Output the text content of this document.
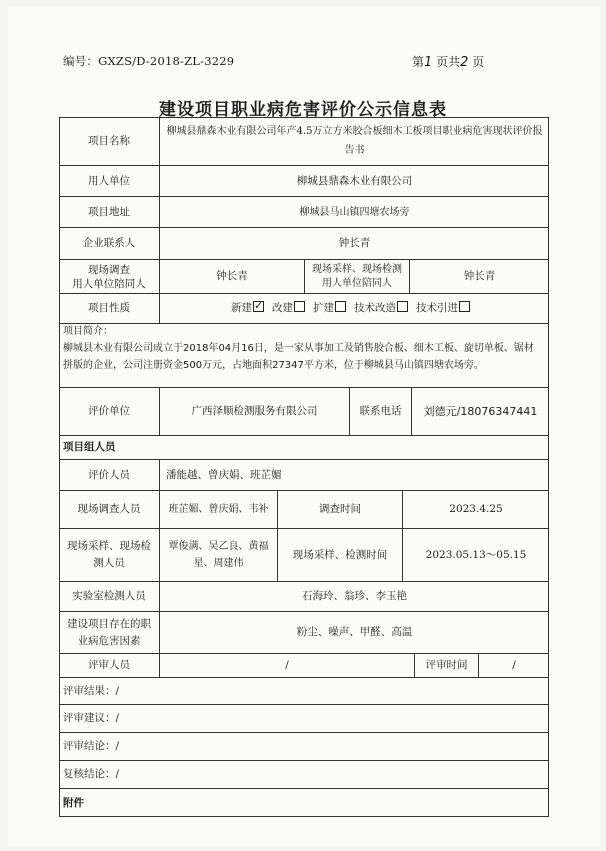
编号：GXZS/D-2018-ZL-3229	第1 页共2 页
建设项目职业病危害评价公示信息表
项目名称
柳城县鼎森木业有限公司年产4.5万立方米胶合板细木工板项目职业病危害现状评价报告书
用人单位	柳城县鼎森木业有限公司
项目地址	柳城县马山镇四塘农场旁
企业联系人	钟长青
现场调查
用人单位陪同人
钟长青
现场采样、现场检测
用人单位陪同人
钟长青
项目性质	新建✓	改建	扩建	技术改造	技术引进
项目简介：
柳城县木业有限公司成立于2018年04月16日，是一家从事加工及销售胶合板、细木工板、旋切单板、锯材拼版的企业，公司注册资金500万元，占地面积27347平方米，位于柳城县马山镇四塘农场旁。
评价单位	广西泽顺检测服务有限公司	联系电话	刘德元/18076347441
项目组人员
评价人员	潘能越、曾庆娟、班芷媚
现场调查人员	班芷媚、曾庆娟、韦补	调查时间	2023.4.25
现场采样、现场检测人员
覃俊满、吴乙良、黄福星、周建伟
现场采样、检测时间	2023.05.13～05.15
实验室检测人员	石海玲、翁珍、李玉艳
建设项目存在的职业病危害因素
粉尘、噪声、甲醛、高温
评审人员	/	评审时间	/
评审结果：/
评审建议：/
评审结论：/
复核结论：/
附件
